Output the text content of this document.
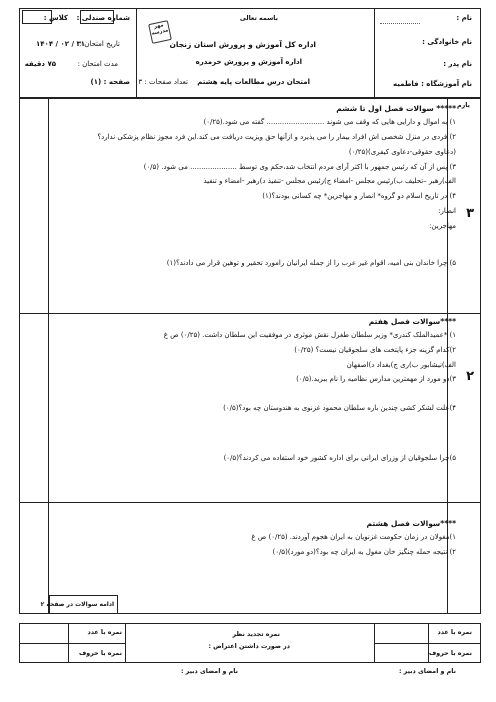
نام :
نام خانوادگی :
نام پدر :
نام آموزشگاه : فاطمیه
باسمه تعالی
اداره کل آموزش و پرورش استان زنجان
اداره آموزش و پرورش خرمدره
امتحان درس مطالعات پایه هشتم
مهر مدرسه
شماره صندلی :
کلاس :
تاریخ امتحان :
۱۴۰۴ / ۰۲ / ۳۱
مدت امتحان :
۷۵ دقیقه
تعداد صفحات : ۳
صفحه : (۱)
بارم
***** سوالات فصل اول تا ششم
۱) به اموال و دارایی هایی که وقف می شوند .......................... گفته می شود.(۰/۲۵)
۲) فردی در منزل شخصی اش افراد بیمار را می پذیرد و ازآنها حق ویزیت دریافت می کند.این فرد مجوز نظام پزشکی ندارد؟
(دعاوی حقوقی-دعاوی کیفری)(۰/۲۵)
۳) پس از آن که رئیس جمهور با اکثر آرای مردم انتخاب شد،حکم وی توسط ..................... می شود. (۰/۵)
الف)رهبر –تحلیف ب)رئیس مجلس -امضاء ج)رئیس مجلس -تنفیذ د)رهبر -امضاء و تنفیذ
۴) در تاریخ اسلام دو گروه* انصار و مهاجرین* چه کسانی بودند؟(۱)
انصار:
مهاجرین:
۵) چرا خاندان بنی امیه، اقوام غیر عرب را از جمله ایرانیان رامورد تحقیر و توهین قرار می دادند؟(۱)
۳
****سوالات فصل هفتم
۱) *عمیدالملک کندری* وزیر سلطان طغرل نقش موثری در موفقیت این سلطان داشت. (۰/۲۵) ص غ
۲)کدام گزینه جزء پایتخت های سلجوقیان نیست؟ (۰/۲۵)
الف)نیشابور ب)ری ج)بغداد د)اصفهان
۳)دو مورد از مهمترین مدارس نظامیه را نام ببرید.(۰/۵)
۴)علت لشکر کشی چندین باره سلطان محمود غزنوی به هندوستان چه بود؟(۰/۵)
۵)چرا سلجوقیان از وزرای ایرانی برای اداره کشور خود استفاده می کردند؟(۰/۵)
۲
****سوالات فصل هشتم
۱)مغولان در زمان حکومت غزنویان به ایران هجوم آوردند. (۰/۲۵) ص غ
۲) نتیجه حمله چنگیز خان مغول به ایران چه بود؟(دو مورد)(۰/۵)
ادامه سوالات در صفحه ۲
نمره با عدد
نمره با حروف
نام و امضای دبیر :
نمره تجدید نظر
در صورت داشتن اعتراض :
نمره با عدد
نمره با حروف
نام و امضای دبیر :
